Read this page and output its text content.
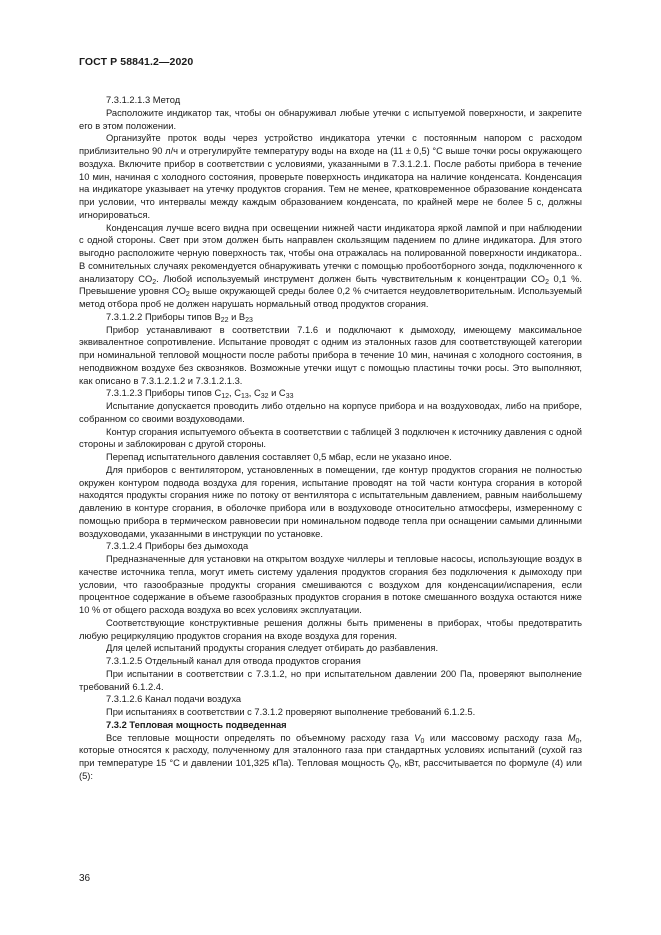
ГОСТ Р 58841.2—2020

7.3.1.2.1.3 Метод

Расположите индикатор так, чтобы он обнаруживал любые утечки с испытуемой поверхности, и закрепите его в этом положении.

Организуйте проток воды через устройство индикатора утечки с постоянным напором с расходом приблизительно 90 л/ч и отрегулируйте температуру воды на входе на (11 ± 0,5) °С выше точки росы окружающего воздуха. Включите прибор в соответствии с условиями, указанными в 7.3.1.2.1. После работы прибора в течение 10 мин, начиная с холодного состояния, проверьте поверхность индикатора на наличие конденсата. Конденсация на индикаторе указывает на утечку продуктов сгорания. Тем не менее, кратковременное образование конденсата при условии, что интервалы между каждым образованием конденсата, по крайней мере не более 5 с, должны игнорироваться.

Конденсация лучше всего видна при освещении нижней части индикатора яркой лампой и при наблюдении с одной стороны. Свет при этом должен быть направлен скользящим падением по длине индикатора. Для этого выгодно расположите черную поверхность так, чтобы она отражалась на полированной поверхности индикатора.. В сомнительных случаях рекомендуется обнаруживать утечки с помощью пробоотборного зонда, подключенного к анализатору $CO_2$. Любой используемый инструмент должен быть чувствительным к концентрации $CO_2$ 0,1 %. Превышение уровня $CO_2$ выше окружающей среды более 0,2 % считается неудовлетворительным. Используемый метод отбора проб не должен нарушать нормальный отвод продуктов сгорания.

7.3.1.2.2 Приборы типов $B_{22}$ и $B_{23}$

Прибор устанавливают в соответствии 7.1.6 и подключают к дымоходу, имеющему максимальное эквивалентное сопротивление. Испытание проводят с одним из эталонных газов для соответствующей категории при номинальной тепловой мощности после работы прибора в течение 10 мин, начиная с холодного состояния, в неподвижном воздухе без сквозняков. Возможные утечки ищут с помощью пластины точки росы. Это выполняют, как описано в 7.3.1.2.1.2 и 7.3.1.2.1.3.

7.3.1.2.3 Приборы типов $C_{12}$, $C_{13}$, $C_{32}$ и $C_{33}$

Испытание допускается проводить либо отдельно на корпусе прибора и на воздуховодах, либо на приборе, собранном со своими воздуховодами.

Контур сгорания испытуемого объекта в соответствии с таблицей 3 подключен к источнику давления с одной стороны и заблокирован с другой стороны.

Перепад испытательного давления составляет 0,5 мбар, если не указано иное.

Для приборов с вентилятором, установленных в помещении, где контур продуктов сгорания не полностью окружен контуром подвода воздуха для горения, испытание проводят на той части контура сгорания в которой находятся продукты сгорания ниже по потоку от вентилятора с испытательным давлением, равным наибольшему давлению в контуре сгорания, в оболочке прибора или в воздуховоде относительно атмосферы, измеренному с помощью прибора в термическом равновесии при номинальном подводе тепла при оснащении самыми длинными воздуховодами, указанными в инструкции по установке.

7.3.1.2.4 Приборы без дымохода

Предназначенные для установки на открытом воздухе чиллеры и тепловые насосы, использующие воздух в качестве источника тепла, могут иметь систему удаления продуктов сгорания без подключения к дымоходу при условии, что газообразные продукты сгорания смешиваются с воздухом для конденсации/испарения, если процентное содержание в объеме газообразных продуктов сгорания в потоке смешанного воздуха остаются ниже 10 % от общего расхода воздуха во всех условиях эксплуатации.

Соответствующие конструктивные решения должны быть применены в приборах, чтобы предотвратить любую рециркуляцию продуктов сгорания на входе воздуха для горения.

Для целей испытаний продукты сгорания следует отбирать до разбавления.

7.3.1.2.5 Отдельный канал для отвода продуктов сгорания

При испытании в соответствии с 7.3.1.2, но при испытательном давлении 200 Па, проверяют выполнение требований 6.1.2.4.

7.3.1.2.6 Канал подачи воздуха

При испытаниях в соответствии с 7.3.1.2 проверяют выполнение требований 6.1.2.5.

7.3.2 Тепловая мощность подведенная

Все тепловые мощности определять по объемному расходу газа $V_0$ или массовому расходу газа $M_0$, которые относятся к расходу, полученному для эталонного газа при стандартных условиях испытаний (сухой газ при температуре 15 °С и давлении 101,325 кПа). Тепловая мощность $Q_0$, кВт, рассчитывается по формуле (4) или (5):

36
